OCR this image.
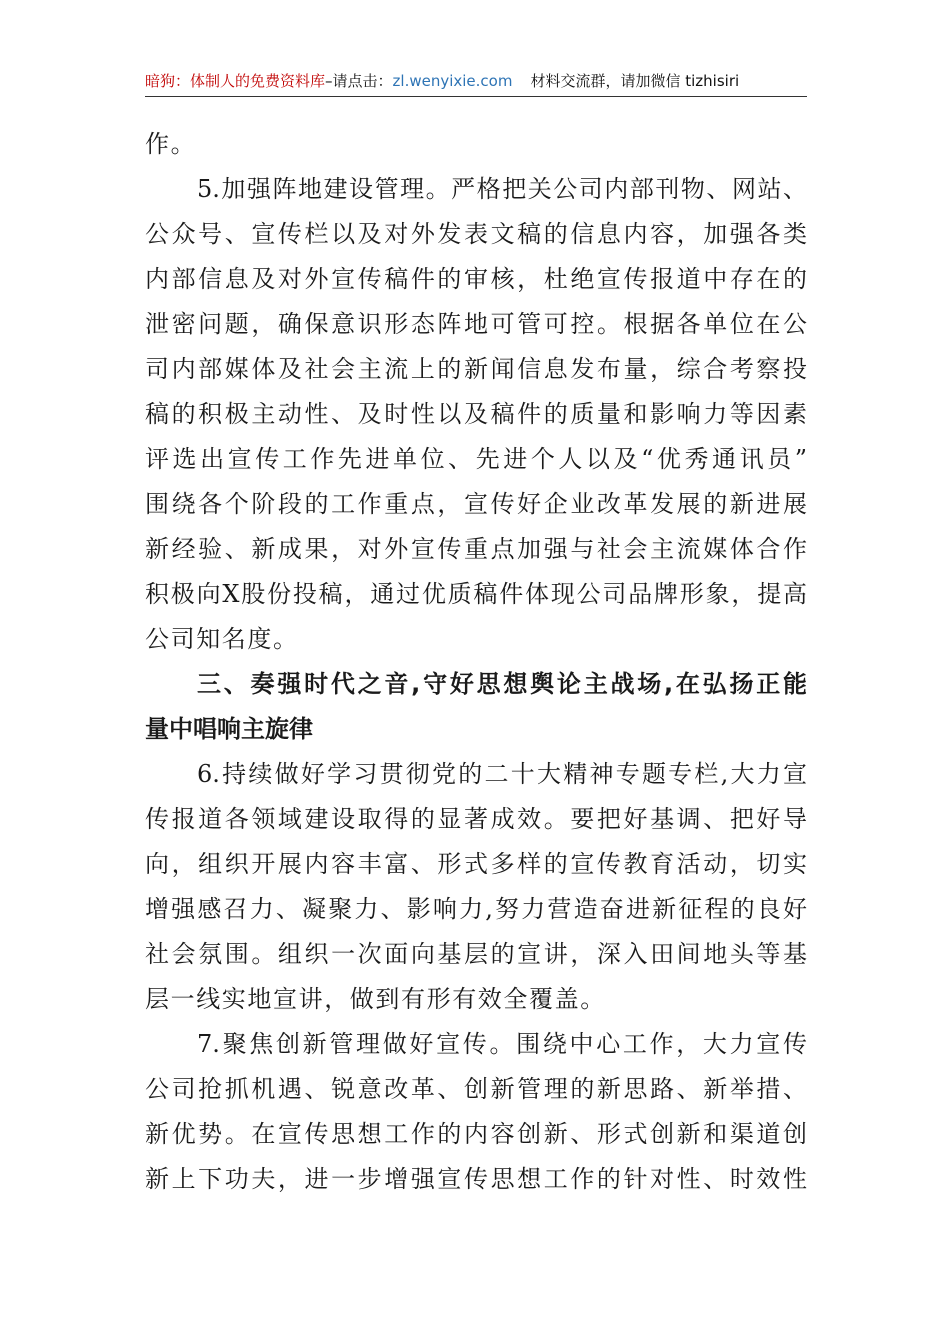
暗狗：体制人的免费资料库–请点击：zl.wenyixie.com 材料交流群，请加微信 tizhisiri
作。
5.加强阵地建设管理。严格把关公司内部刊物、网站、
公众号、宣传栏以及对外发表文稿的信息内容，加强各类
内部信息及对外宣传稿件的审核，杜绝宣传报道中存在的
泄密问题，确保意识形态阵地可管可控。根据各单位在公
司内部媒体及社会主流上的新闻信息发布量，综合考察投
稿的积极主动性、及时性以及稿件的质量和影响力等因素
评选出宣传工作先进单位、先进个人以及“优秀通讯员”
围绕各个阶段的工作重点，宣传好企业改革发展的新进展
新经验、新成果，对外宣传重点加强与社会主流媒体合作
积极向X股份投稿，通过优质稿件体现公司品牌形象，提高
公司知名度。
三、奏强时代之音,守好思想舆论主战场,在弘扬正能
量中唱响主旋律
6.持续做好学习贯彻党的二十大精神专题专栏,大力宣
传报道各领域建设取得的显著成效。要把好基调、把好导
向，组织开展内容丰富、形式多样的宣传教育活动，切实
增强感召力、凝聚力、影响力,努力营造奋进新征程的良好
社会氛围。组织一次面向基层的宣讲，深入田间地头等基
层一线实地宣讲，做到有形有效全覆盖。
7.聚焦创新管理做好宣传。围绕中心工作，大力宣传
公司抢抓机遇、锐意改革、创新管理的新思路、新举措、
新优势。在宣传思想工作的内容创新、形式创新和渠道创
新上下功夫，进一步增强宣传思想工作的针对性、时效性
